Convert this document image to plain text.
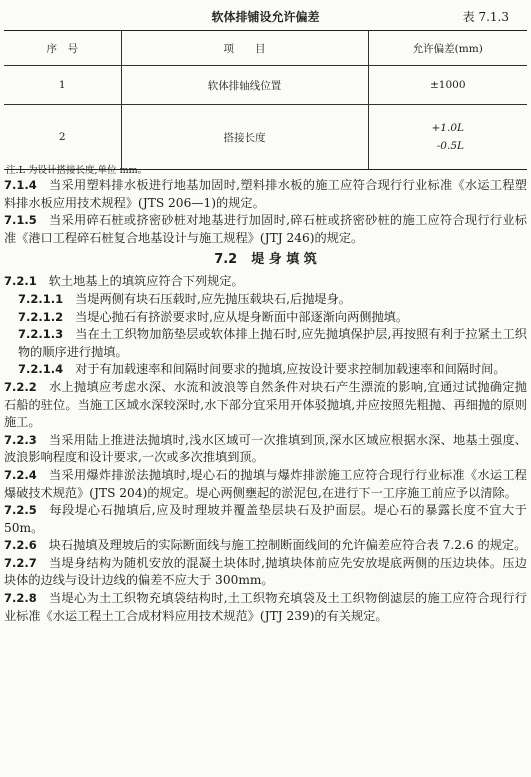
软体排铺设允许偏差	表 7.1.3
序　号	项　　目	允许偏差(mm)
1	软体排轴线位置	±1000
2	搭接长度	+1.0L
-0.5L
注:L 为设计搭接长度,单位 mm。

7.1.4 当采用塑料排水板进行地基加固时,塑料排水板的施工应符合现行行业标准《水运工程塑料排水板应用技术规程》(JTS 206—1)的规定。

7.1.5 当采用碎石桩或挤密砂桩对地基进行加固时,碎石桩或挤密砂桩的施工应符合现行行业标准《港口工程碎石桩复合地基设计与施工规程》(JTJ 246)的规定。

7.2 堤 身 填 筑

7.2.1 软土地基上的填筑应符合下列规定。

7.2.1.1 当堤两侧有块石压载时,应先抛压载块石,后抛堤身。

7.2.1.2 当堤心抛石有挤淤要求时,应从堤身断面中部逐渐向两侧抛填。

7.2.1.3 当在土工织物加筋垫层或软体排上抛石时,应先抛填保护层,再按照有利于拉紧土工织物的顺序进行抛填。

7.2.1.4 对于有加载速率和间隔时间要求的抛填,应按设计要求控制加载速率和间隔时间。

7.2.2 水上抛填应考虑水深、水流和波浪等自然条件对块石产生漂流的影响,宜通过试抛确定抛石船的驻位。当施工区域水深较深时,水下部分宜采用开体驳抛填,并应按照先粗抛、再细抛的原则施工。

7.2.3 当采用陆上推进法抛填时,浅水区域可一次推填到顶,深水区域应根据水深、地基土强度、波浪影响程度和设计要求,一次或多次推填到顶。

7.2.4 当采用爆炸排淤法抛填时,堤心石的抛填与爆炸排淤施工应符合现行行业标准《水运工程爆破技术规范》(JTS 204)的规定。堤心两侧壅起的淤泥包,在进行下一工序施工前应予以清除。

7.2.5 每段堤心石抛填后,应及时理坡并覆盖垫层块石及护面层。堤心石的暴露长度不宜大于 50m。

7.2.6 块石抛填及理坡后的实际断面线与施工控制断面线间的允许偏差应符合表 7.2.6 的规定。

7.2.7 当堤身结构为随机安放的混凝土块体时,抛填块体前应先安放堤底两侧的压边块体。压边块体的边线与设计边线的偏差不应大于 300mm。

7.2.8 当堤心为土工织物充填袋结构时,土工织物充填袋及土工织物倒滤层的施工应符合现行行业标准《水运工程土工合成材料应用技术规范》(JTJ 239)的有关规定。
